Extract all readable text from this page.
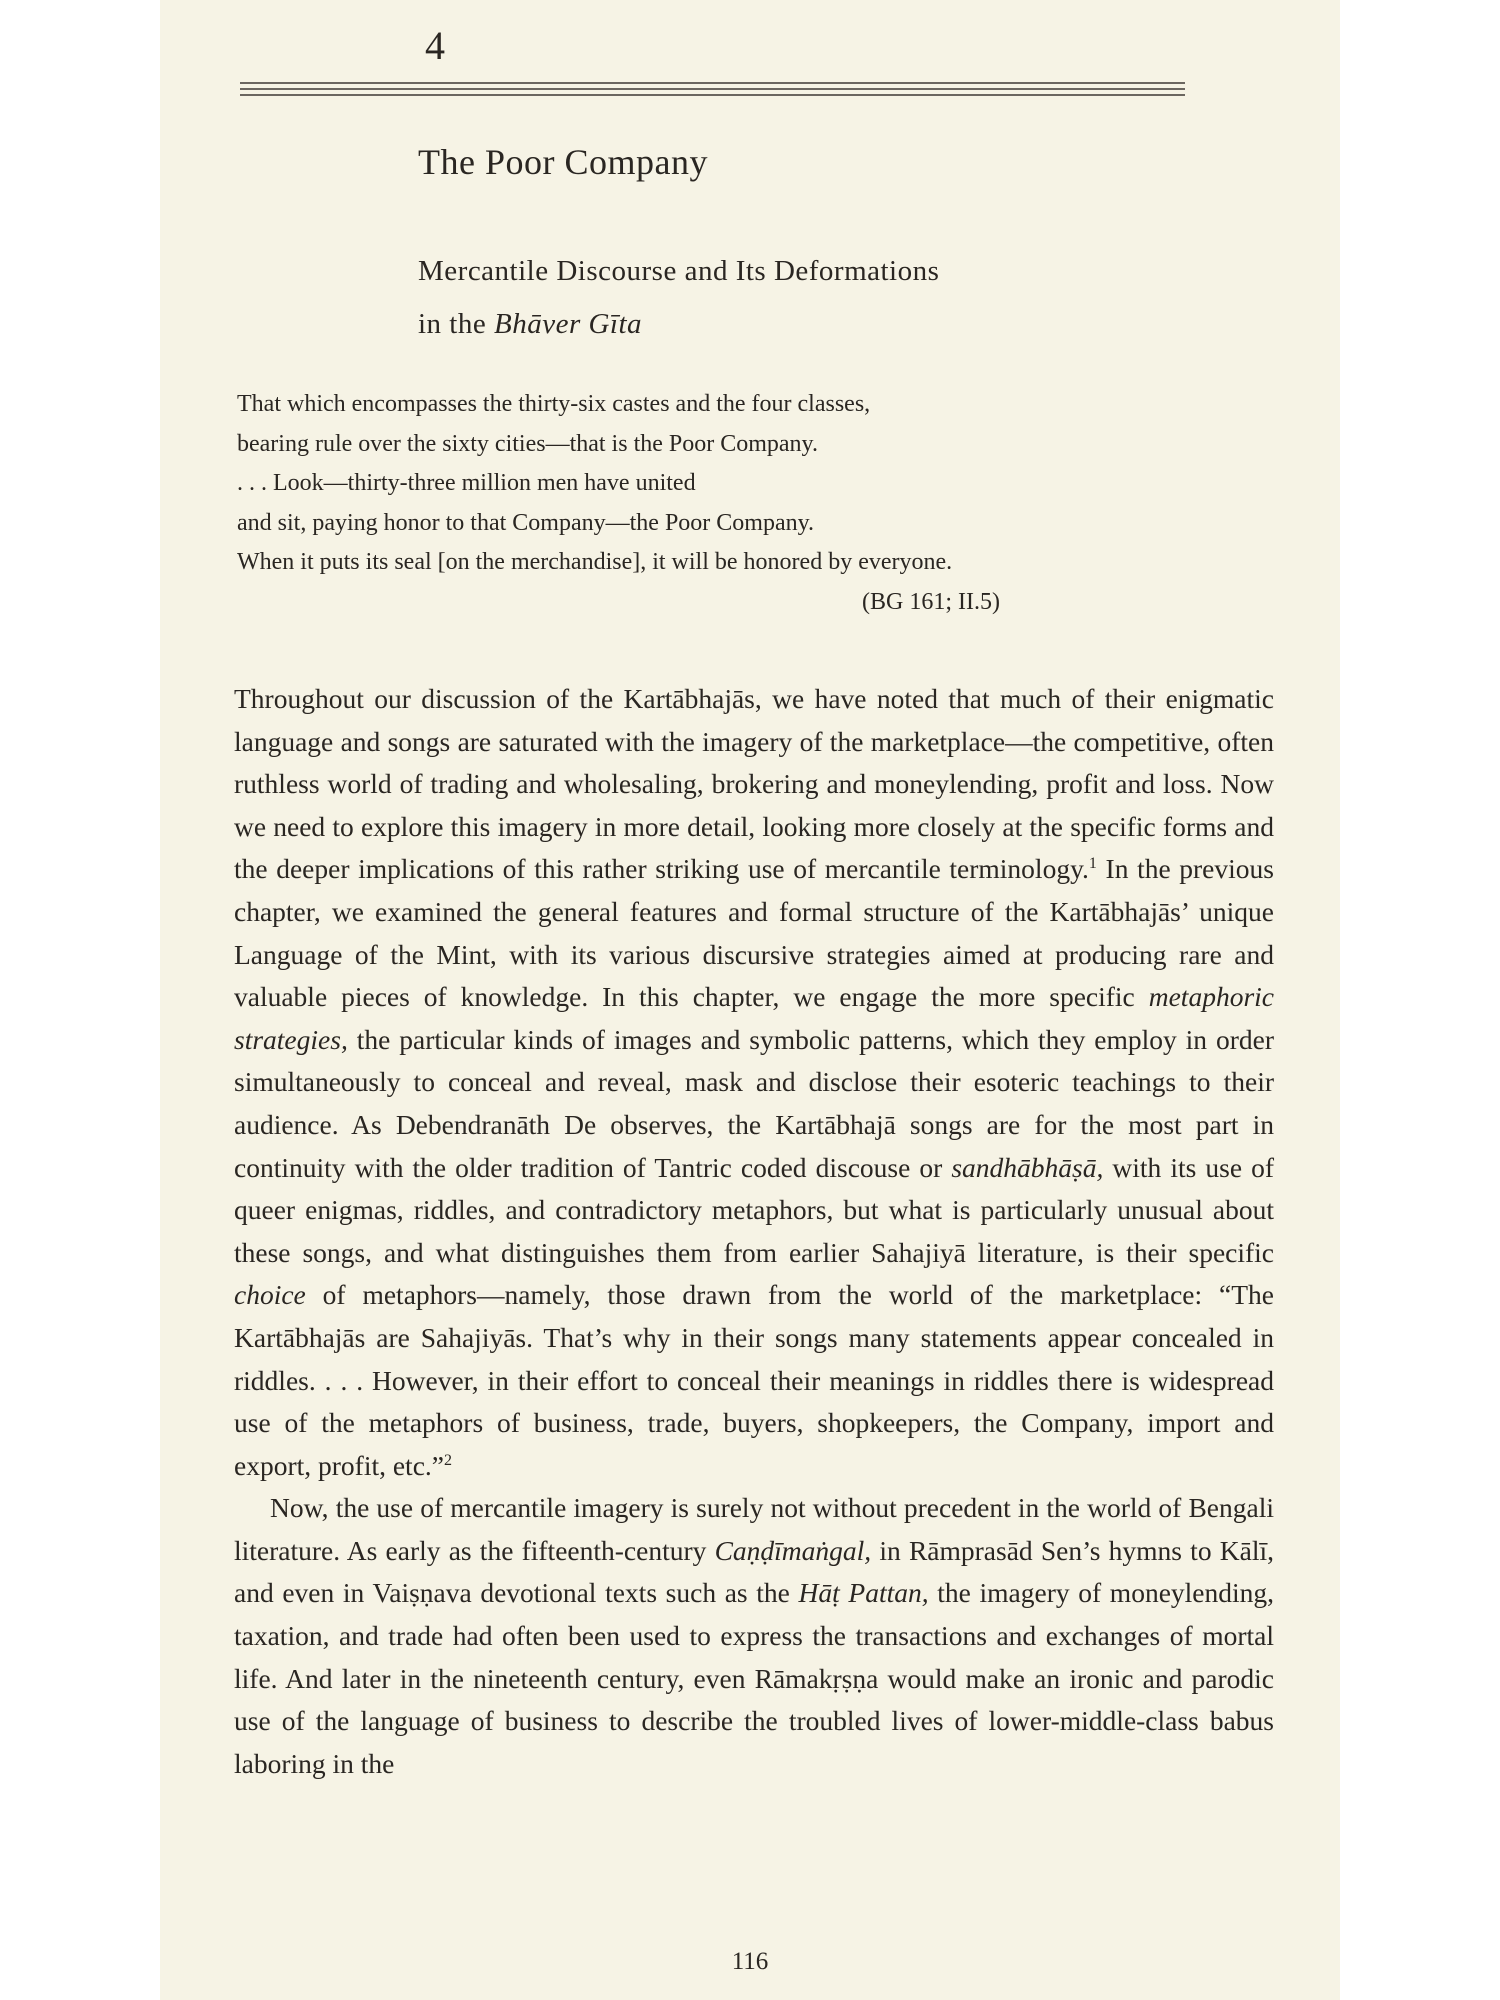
4
The Poor Company
Mercantile Discourse and Its Deformations
in the Bhāver Gīta
That which encompasses the thirty-six castes and the four classes,
bearing rule over the sixty cities—that is the Poor Company.
. . . Look—thirty-three million men have united
and sit, paying honor to that Company—the Poor Company.
When it puts its seal [on the merchandise], it will be honored by everyone.
(BG 161; II.5)

Throughout our discussion of the Kartābhajās, we have noted that much of their enigmatic language and songs are saturated with the imagery of the marketplace—the competitive, often ruthless world of trading and wholesaling, brokering and moneylending, profit and loss. Now we need to explore this imagery in more detail, looking more closely at the specific forms and the deeper implications of this rather striking use of mercantile terminology.$^1$ In the previous chapter, we examined the general features and formal structure of the Kartābhajās’ unique Language of the Mint, with its various discursive strategies aimed at producing rare and valuable pieces of knowledge. In this chapter, we engage the more specific metaphoric strategies, the particular kinds of images and symbolic patterns, which they employ in order simultaneously to conceal and reveal, mask and disclose their esoteric teachings to their audience. As Debendranāth De observes, the Kartābhajā songs are for the most part in continuity with the older tradition of Tantric coded discouse or sandhābhāṣā, with its use of queer enigmas, riddles, and contradictory metaphors, but what is particularly unusual about these songs, and what distinguishes them from earlier Sahajiyā literature, is their specific choice of metaphors—namely, those drawn from the world of the marketplace: “The Kartābhajās are Sahajiyās. That’s why in their songs many statements appear concealed in riddles. . . . However, in their effort to conceal their meanings in riddles there is widespread use of the metaphors of business, trade, buyers, shopkeepers, the Company, import and export, profit, etc.”$^2$

Now, the use of mercantile imagery is surely not without precedent in the world of Bengali literature. As early as the fifteenth-century Caṇḍīmaṅgal, in Rāmprasād Sen’s hymns to Kālī, and even in Vaiṣṇava devotional texts such as the Hāṭ Pattan, the imagery of moneylending, taxation, and trade had often been used to express the transactions and exchanges of mortal life. And later in the nineteenth century, even Rāmakṛṣṇa would make an ironic and parodic use of the language of business to describe the troubled lives of lower-middle-class babus laboring in the

116
